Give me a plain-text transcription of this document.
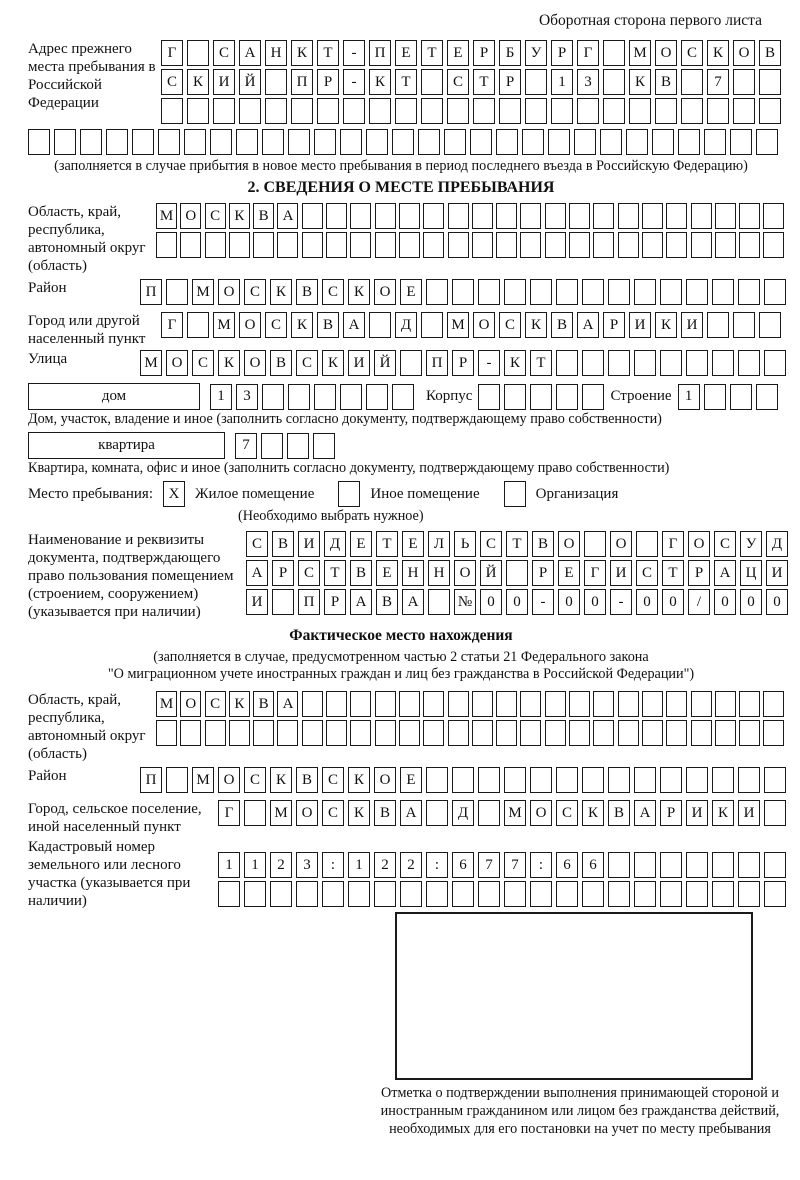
Оборотная сторона первого листа
Адрес прежнего места пребывания в Российской Федерации
Г	С	А	Н	К	Т	-	П	Е	Т	Е	Р	Б	У	Р	Г	М О	С	К	О	В
С	К	И	Й	П	Р	-	К	Т	С	Т	Р	1	3	К	В	7
(заполняется в случае прибытия в новое место пребывания в период последнего въезда в Российскую Федерацию)
2. СВЕДЕНИЯ О МЕСТЕ ПРЕБЫВАНИЯ
Область, край, республика, автономный округ (область)
М О С К В А
Район	П	М О	С	К	В	С	К	О	Е
Город или другой населенный пункт
Г	М О	С	К	В	А	Д	М О	С	К	В	А	Р	И	К	И
Улица	М О	С	К	О	В	С	К	И	Й	П	Р	-	К	Т
дом	1	3	Корпус	Строение 1
Дом, участок, владение и иное (заполнить согласно документу, подтверждающему право собственности)
квартира	7
Квартира, комната, офис и иное (заполнить согласно документу, подтверждающему право собственности)
Место пребывания:	X	Жилое помещение	Иное помещение	Организация
(Необходимо выбрать нужное)
Наименование и реквизиты документа, подтверждающего право пользования помещением (строением, сооружением) (указывается при наличии)
С	В	И	Д	Е	Т	Е	Л	Ь	С	Т	В	О	О	Г	О	С	У	Д
А	Р	С	Т	В	Е	Н	Н	О	Й	Р	Е	Г	И	С	Т	Р	А	Ц	И
И	П	Р	А	В	А	№	0	0	-	0	0	-	0	0	/	0	0	0
Фактическое место нахождения
(заполняется в случае, предусмотренном частью 2 статьи 21 Федерального закона
"О миграционном учете иностранных граждан и лиц без гражданства в Российской Федерации")
Область, край, республика, автономный округ (область)
М О С К В А
Район	П	М О	С	К	В	С	К	О	Е
Город, сельское поселение, иной населенный пункт
Г	М О	С	К	В	А	Д	М О	С	К	В	А	Р	И	К	И
Кадастровый номер земельного или лесного участка (указывается при наличии)
1	1	2	3	:	1	2	2	:	6	7	7	:	6	6
Отметка о подтверждении выполнения принимающей стороной и иностранным гражданином или лицом без гражданства действий, необходимых для его постановки на учет по месту пребывания
